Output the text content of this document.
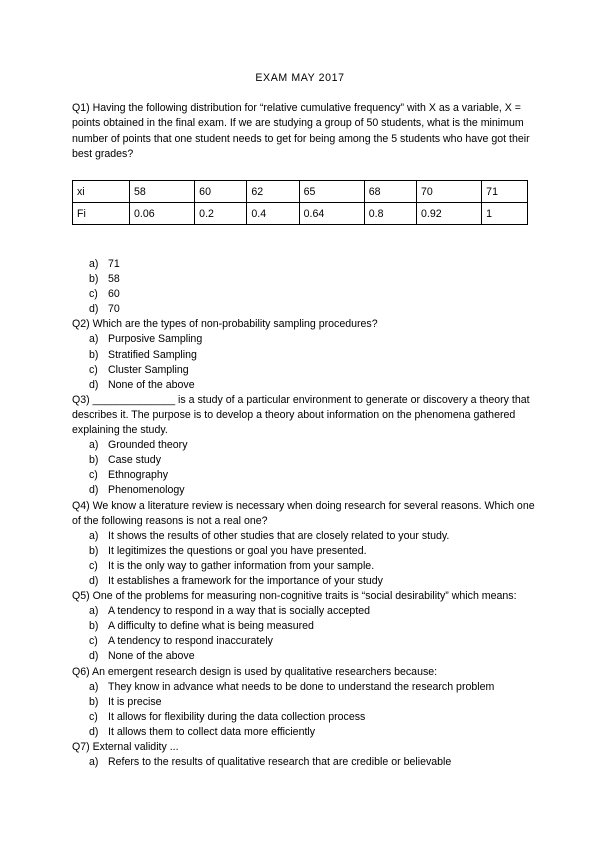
EXAM MAY 2017
Q1) Having the following distribution for “relative cumulative frequency” with X as a variable, X = points obtained in the final exam. If we are studying a group of 50 students, what is the minimum number of points that one student needs to get for being among the 5 students who have got their best grades?
xi	58	60	62	65	68	70	71
Fi	0.06	0.2	0.4	0.64	0.8	0.92	1
a) 71
b) 58
c) 60
d) 70
Q2) Which are the types of non-probability sampling procedures?
a) Purposive Sampling
b) Stratified Sampling
c) Cluster Sampling
d) None of the above
Q3) ______________ is a study of a particular environment to generate or discovery a theory that describes it. The purpose is to develop a theory about information on the phenomena gathered explaining the study.
a) Grounded theory
b) Case study
c) Ethnography
d) Phenomenology
Q4) We know a literature review is necessary when doing research for several reasons. Which one of the following reasons is not a real one?
a) It shows the results of other studies that are closely related to your study.
b) It legitimizes the questions or goal you have presented.
c) It is the only way to gather information from your sample.
d) It establishes a framework for the importance of your study
Q5) One of the problems for measuring non-cognitive traits is “social desirability” which means:
a) A tendency to respond in a way that is socially accepted
b) A difficulty to define what is being measured
c) A tendency to respond inaccurately
d) None of the above
Q6) An emergent research design is used by qualitative researchers because:
a) They know in advance what needs to be done to understand the research problem
b) It is precise
c) It allows for flexibility during the data collection process
d) It allows them to collect data more efficiently
Q7) External validity ...
a) Refers to the results of qualitative research that are credible or believable
